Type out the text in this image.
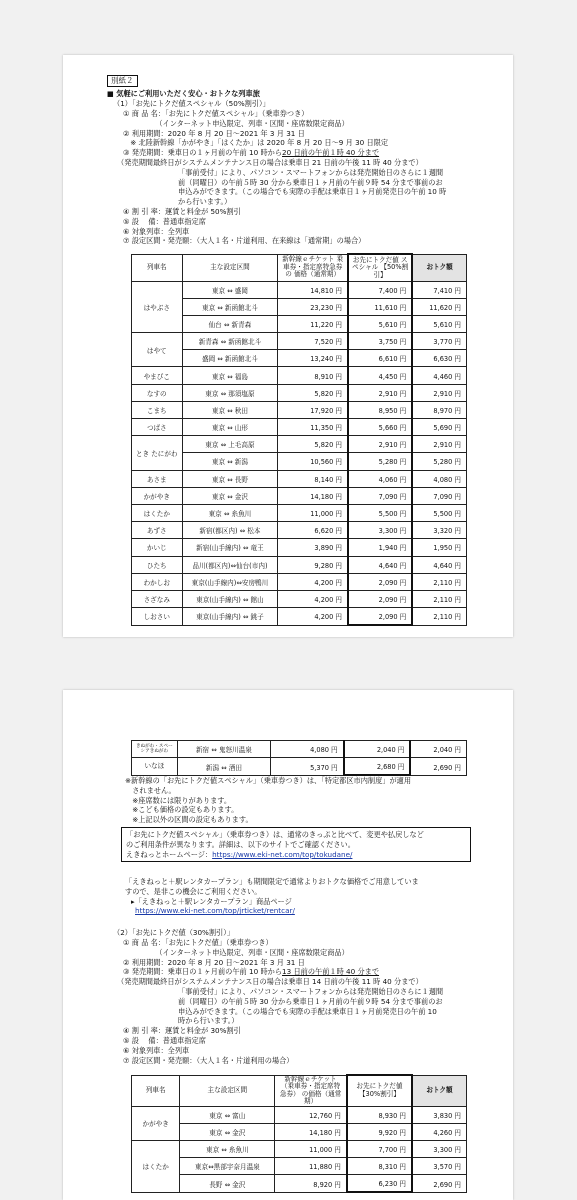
別紙２
■ 気軽にご利用いただく安心・おトクな列車旅
（1）「お先にトクだ値スペシャル（50%割引）」
① 商 品 名：「お先にトクだ値スペシャル」（乗車券つき）
　　　　　（インターネット申込限定、列車・区間・座席数限定商品）
② 利用期間：2020 年 8 月 20 日～2021 年 3 月 31 日
　※ 北陸新幹線「かがやき」「はくたか」は 2020 年 8 月 20 日～9 月 30 日限定
③ 発売期間：乗車日の１ヶ月前の午前 10 時から20 日前の午前１時 40 分まで
（発売期間最終日がシステムメンテナンス日の場合は乗車日 21 日前の午後 11 時 40 分まで）
「事前受付」により、パソコン・スマートフォンからは発売開始日のさらに１週間
前（同曜日）の午前５時 30 分から乗車日１ヶ月前の午前９時 54 分まで事前のお
申込みができます。（この場合でも実際の手配は乗車日１ヶ月前発売日の午前 10 時
から行います。）
④ 割 引 率：運賃と料金が 50%割引
⑤ 設　 備：普通車指定席
⑥ 対象列車：全列車
⑦ 設定区間・発売額：（大人１名・片道利用、在来線は「通常期」の場合）
列車名	主な設定区間	新幹線ｅチケット 乗車券・指定席特急券の 価格（通常期）	お先にトクだ値 スペシャル 【50%割引】	おトク額
はやぶさ	東京 ⇔ 盛岡	14,810 円	7,400 円	7,410 円
	東京 ⇔ 新函館北斗	23,230 円	11,610 円	11,620 円
	仙台 ⇔ 新青森	11,220 円	5,610 円	5,610 円
はやて	新青森 ⇔ 新函館北斗	7,520 円	3,750 円	3,770 円
	盛岡 ⇔ 新函館北斗	13,240 円	6,610 円	6,630 円
やまびこ	東京 ⇔ 福島	8,910 円	4,450 円	4,460 円
なすの	東京 ⇔ 那須塩原	5,820 円	2,910 円	2,910 円
こまち	東京 ⇔ 秋田	17,920 円	8,950 円	8,970 円
つばさ	東京 ⇔ 山形	11,350 円	5,660 円	5,690 円
とき たにがわ	東京 ⇔ 上毛高原	5,820 円	2,910 円	2,910 円
	東京 ⇔ 新潟	10,560 円	5,280 円	5,280 円
あさま	東京 ⇔ 長野	8,140 円	4,060 円	4,080 円
かがやき	東京 ⇔ 金沢	14,180 円	7,090 円	7,090 円
はくたか	東京 ⇔ 糸魚川	11,000 円	5,500 円	5,500 円
あずさ	新宿(都区内) ⇔ 松本	6,620 円	3,300 円	3,320 円
かいじ	新宿(山手線内) ⇔ 竜王	3,890 円	1,940 円	1,950 円
ひたち	品川(都区内)⇔仙台(市内)	9,280 円	4,640 円	4,640 円
わかしお	東京(山手線内)⇔安房鴨川	4,200 円	2,090 円	2,110 円
さざなみ	東京(山手線内) ⇔ 館山	4,200 円	2,090 円	2,110 円
しおさい	東京(山手線内) ⇔ 銚子	4,200 円	2,090 円	2,110 円
きぬがわ・スペーシアきぬがわ	新宿 ⇔ 鬼怒川温泉	4,080 円	2,040 円	2,040 円
いなほ	新潟 ⇔ 酒田	5,370 円	2,680 円	2,690 円
※新幹線の「お先にトクだ値スペシャル」（乗車券つき）は、「特定都区市内制度」が適用
　されません。
　※座席数には限りがあります。
　※こども価格の設定もあります。
　※上記以外の区間の設定もあります。
「お先にトクだ値スペシャル」（乗車券つき）は、通常のきっぷと比べて、変更や払戻しなど
のご利用条件が異なります。詳細は、以下のサイトでご確認ください。
えきねっとホームページ：https://www.eki-net.com/top/tokudane/
「えきねっと＋駅レンタカープラン」も期間限定で通常よりおトクな価格でご用意していま
すので、是非この機会にご利用ください。
▸「えきねっと＋駅レンタカープラン」商品ページ
https://www.eki-net.com/top/jrticket/rentcar/
（2）「お先にトクだ値（30%割引）」
① 商 品 名：「お先にトクだ値」（乗車券つき）
　　　　　（インターネット申込限定、列車・区間・座席数限定商品）
② 利用期間：2020 年 8 月 20 日～2021 年 3 月 31 日
③ 発売期間：乗車日の１ヶ月前の午前 10 時から13 日前の午前１時 40 分まで
（発売期間最終日がシステムメンテナンス日の場合は乗車日 14 日前の午後 11 時 40 分まで）
「事前受付」により、パソコン・スマートフォンからは発売開始日のさらに１週間
前（同曜日）の午前５時 30 分から乗車日１ヶ月前の午前９時 54 分まで事前のお
申込みができます。（この場合でも実際の手配は乗車日１ヶ月前発売日の午前 10
時から行います。）
④ 割 引 率：運賃と料金が 30%割引
⑤ 設　 備：普通車指定席
⑥ 対象列車：全列車
⑦ 設定区間・発売額：（大人１名・片道利用の場合）
列車名	主な設定区間	新幹線ｅチケット （乗車券・指定席特急券） の価格（通常期）	お先にトクだ値 【30%割引】	おトク額
かがやき	東京 ⇔ 富山	12,760 円	8,930 円	3,830 円
	東京 ⇔ 金沢	14,180 円	9,920 円	4,260 円
はくたか	東京 ⇔ 糸魚川	11,000 円	7,700 円	3,300 円
	東京⇔黒部宇奈月温泉	11,880 円	8,310 円	3,570 円
	長野 ⇔ 金沢	8,920 円	6,230 円	2,690 円
